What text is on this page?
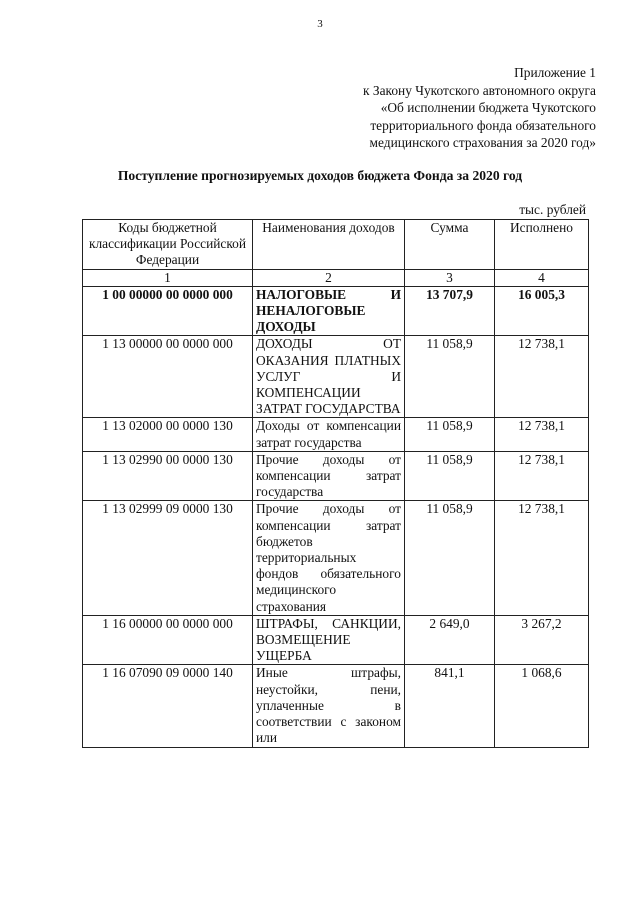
3
Приложение 1
к Закону Чукотского автономного округа
«Об исполнении бюджета Чукотского
территориального фонда обязательного
медицинского страхования за 2020 год»
Поступление прогнозируемых доходов бюджета Фонда за 2020 год
тыс. рублей
Коды бюджетной классификации Российской Федерации	Наименования доходов	Сумма	Исполнено
1	2	3	4
1 00 00000 00 0000 000	НАЛОГОВЫЕ И НЕНАЛОГОВЫЕ ДОХОДЫ	13 707,9	16 005,3
1 13 00000 00 0000 000	ДОХОДЫ ОТ ОКАЗАНИЯ ПЛАТНЫХ УСЛУГ И КОМПЕНСАЦИИ ЗАТРАТ ГОСУДАРСТВА	11 058,9	12 738,1
1 13 02000 00 0000 130	Доходы от компенсации затрат государства	11 058,9	12 738,1
1 13 02990 00 0000 130	Прочие доходы от компенсации затрат государства	11 058,9	12 738,1
1 13 02999 09 0000 130	Прочие доходы от компенсации затрат бюджетов территориальных фондов обязательного медицинского страхования	11 058,9	12 738,1
1 16 00000 00 0000 000	ШТРАФЫ, САНКЦИИ, ВОЗМЕЩЕНИЕ УЩЕРБА	2 649,0	3 267,2
1 16 07090 09 0000 140	Иные штрафы, неустойки, пени, уплаченные в соответствии с законом или	841,1	1 068,6
